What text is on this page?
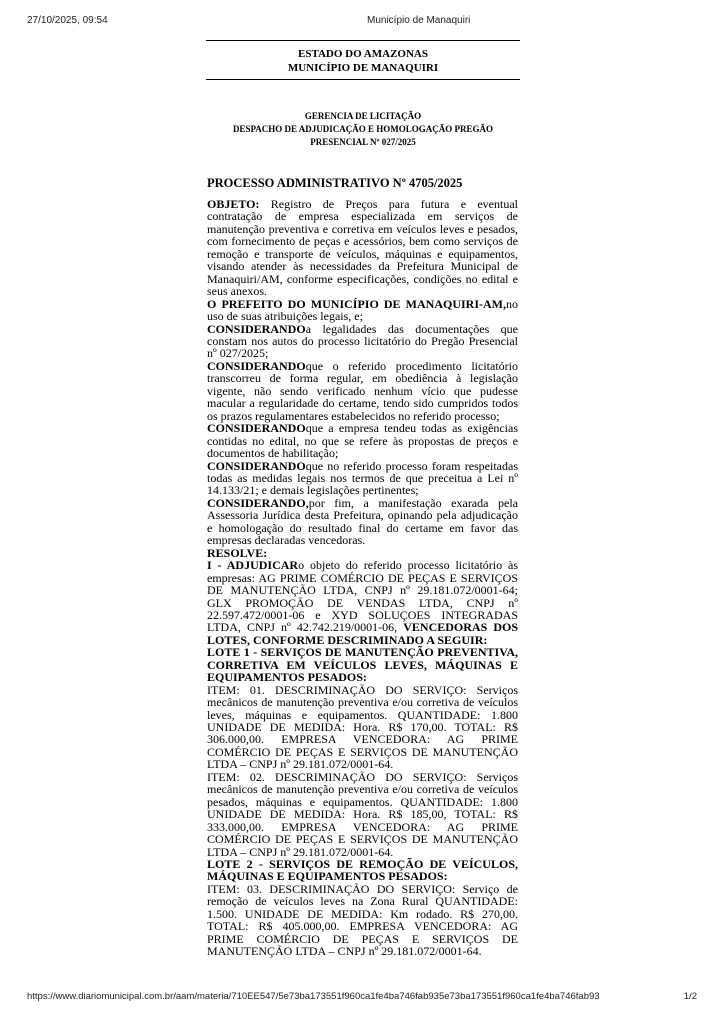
27/10/2025, 09:54	Município de Manaquiri
ESTADO DO AMAZONAS
MUNICÍPIO DE MANAQUIRI
GERENCIA DE LICITAÇÃO
DESPACHO DE ADJUDICAÇÃO E HOMOLOGAÇÃO PREGÃO
PRESENCIAL Nº 027/2025
PROCESSO ADMINISTRATIVO Nº 4705/2025

OBJETO: Registro de Preços para futura e eventual contratação de empresa especializada em serviços de manutenção preventiva e corretiva em veículos leves e pesados, com fornecimento de peças e acessórios, bem como serviços de remoção e transporte de veículos, máquinas e equipamentos, visando atender às necessidades da Prefeitura Municipal de Manaquiri/AM, conforme especificações, condições no edital e seus anexos.

O PREFEITO DO MUNICÍPIO DE MANAQUIRI-AM,no uso de suas atribuições legais, e;

CONSIDERANDOa legalidades das documentações que constam nos autos do processo licitatório do Pregão Presencial nº 027/2025;

CONSIDERANDOque o referido procedimento licitatório transcorreu de forma regular, em obediência à legislação vigente, não sendo verificado nenhum vício que pudesse macular a regularidade do certame, tendo sido cumpridos todos os prazos regulamentares estabelecidos no referido processo;

CONSIDERANDOque a empresa tendeu todas as exigências contidas no edital, no que se refere às propostas de preços e documentos de habilitação;

CONSIDERANDOque no referido processo foram respeitadas todas as medidas legais nos termos de que preceitua a Lei nº 14.133/21; e demais legislações pertinentes;

CONSIDERANDO,por fim, a manifestação exarada pela Assessoria Jurídica desta Prefeitura, opinando pela adjudicação e homologação do resultado final do certame em favor das empresas declaradas vencedoras.

RESOLVE:

I - ADJUDICARo objeto do referido processo licitatório às empresas: AG PRIME COMÉRCIO DE PEÇAS E SERVIÇOS DE MANUTENÇÃO LTDA, CNPJ nº 29.181.072/0001-64; GLX PROMOÇÃO DE VENDAS LTDA, CNPJ nº 22.597.472/0001-06 e XYD SOLUÇOES INTEGRADAS LTDA, CNPJ nº 42.742.219/0001-06, VENCEDORAS DOS LOTES, CONFORME DESCRIMINADO A SEGUIR:

LOTE 1 - SERVIÇOS DE MANUTENÇÃO PREVENTIVA, CORRETIVA EM VEÍCULOS LEVES, MÁQUINAS E EQUIPAMENTOS PESADOS:

ITEM: 01. DESCRIMINAÇÃO DO SERVIÇO: Serviços mecânicos de manutenção preventiva e/ou corretiva de veículos leves, máquinas e equipamentos. QUANTIDADE: 1.800 UNIDADE DE MEDIDA: Hora. R$ 170,00. TOTAL: R$ 306.000,00. EMPRESA VENCEDORA: AG PRIME COMÉRCIO DE PEÇAS E SERVIÇOS DE MANUTENÇÃO LTDA – CNPJ nº 29.181.072/0001-64.

ITEM: 02. DESCRIMINAÇÃO DO SERVIÇO: Serviços mecânicos de manutenção preventiva e/ou corretiva de veículos pesados, máquinas e equipamentos. QUANTIDADE: 1.800 UNIDADE DE MEDIDA: Hora. R$ 185,00, TOTAL: R$ 333.000,00. EMPRESA VENCEDORA: AG PRIME COMÉRCIO DE PEÇAS E SERVIÇOS DE MANUTENÇÃO LTDA – CNPJ nº 29.181.072/0001-64.

LOTE 2 - SERVIÇOS DE REMOÇÃO DE VEÍCULOS, MÁQUINAS E EQUIPAMENTOS PESADOS:

ITEM: 03. DESCRIMINAÇÃO DO SERVIÇO: Serviço de remoção de veículos leves na Zona Rural QUANTIDADE: 1.500. UNIDADE DE MEDIDA: Km rodado. R$ 270,00. TOTAL: R$ 405.000,00. EMPRESA VENCEDORA: AG PRIME COMÉRCIO DE PEÇAS E SERVIÇOS DE MANUTENÇÃO LTDA – CNPJ nº 29.181.072/0001-64.

https://www.diariomunicipal.com.br/aam/materia/710EE547/5e73ba173551f960ca1fe4ba746fab935e73ba173551f960ca1fe4ba746fab93	1/2
